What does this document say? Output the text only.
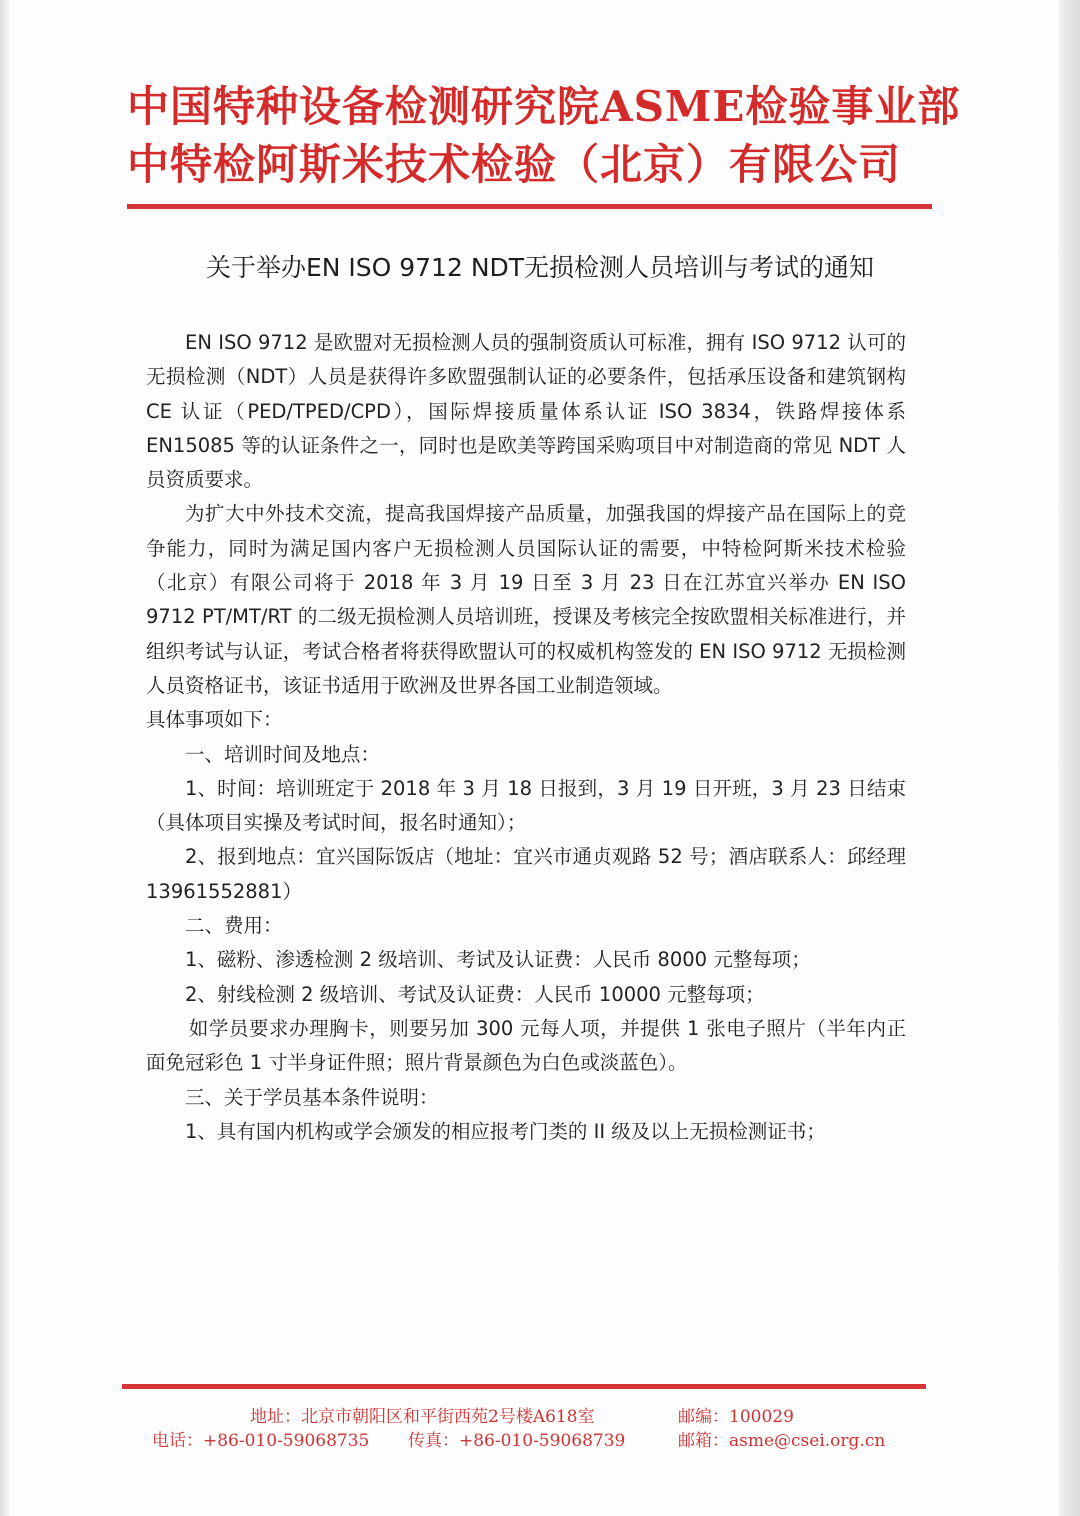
中国特种设备检测研究院ASME检验事业部
中特检阿斯米技术检验（北京）有限公司
关于举办EN ISO 9712 NDT无损检测人员培训与考试的通知

EN ISO 9712 是欧盟对无损检测人员的强制资质认可标准，拥有 ISO 9712 认可的无损检测（NDT）人员是获得许多欧盟强制认证的必要条件，包括承压设备和建筑钢构 CE 认证（PED/TPED/CPD），国际焊接质量体系认证 ISO 3834，铁路焊接体系 EN15085 等的认证条件之一，同时也是欧美等跨国采购项目中对制造商的常见 NDT 人员资质要求。

为扩大中外技术交流，提高我国焊接产品质量，加强我国的焊接产品在国际上的竞争能力，同时为满足国内客户无损检测人员国际认证的需要，中特检阿斯米技术检验（北京）有限公司将于 2018 年 3 月 19 日至 3 月 23 日在江苏宜兴举办 EN ISO 9712 PT/MT/RT 的二级无损检测人员培训班，授课及考核完全按欧盟相关标准进行，并组织考试与认证，考试合格者将获得欧盟认可的权威机构签发的 EN ISO 9712 无损检测人员资格证书，该证书适用于欧洲及世界各国工业制造领域。

具体事项如下：

一、培训时间及地点：

1、时间：培训班定于 2018 年 3 月 18 日报到，3 月 19 日开班，3 月 23 日结束（具体项目实操及考试时间，报名时通知）；

2、报到地点：宜兴国际饭店（地址：宜兴市通贞观路 52 号；酒店联系人：邱经理 13961552881）

二、费用：

1、磁粉、渗透检测 2 级培训、考试及认证费：人民币 8000 元整每项；

2、射线检测 2 级培训、考试及认证费：人民币 10000 元整每项；

如学员要求办理胸卡，则要另加 300 元每人项，并提供 1 张电子照片（半年内正面免冠彩色 1 寸半身证件照；照片背景颜色为白色或淡蓝色）。

三、关于学员基本条件说明：

1、具有国内机构或学会颁发的相应报考门类的 II 级及以上无损检测证书；

地址：北京市朝阳区和平街西苑2号楼A618室	邮编：100029
电话：+86-010-59068735 传真：+86-010-59068739	邮箱：asme@csei.org.cn
